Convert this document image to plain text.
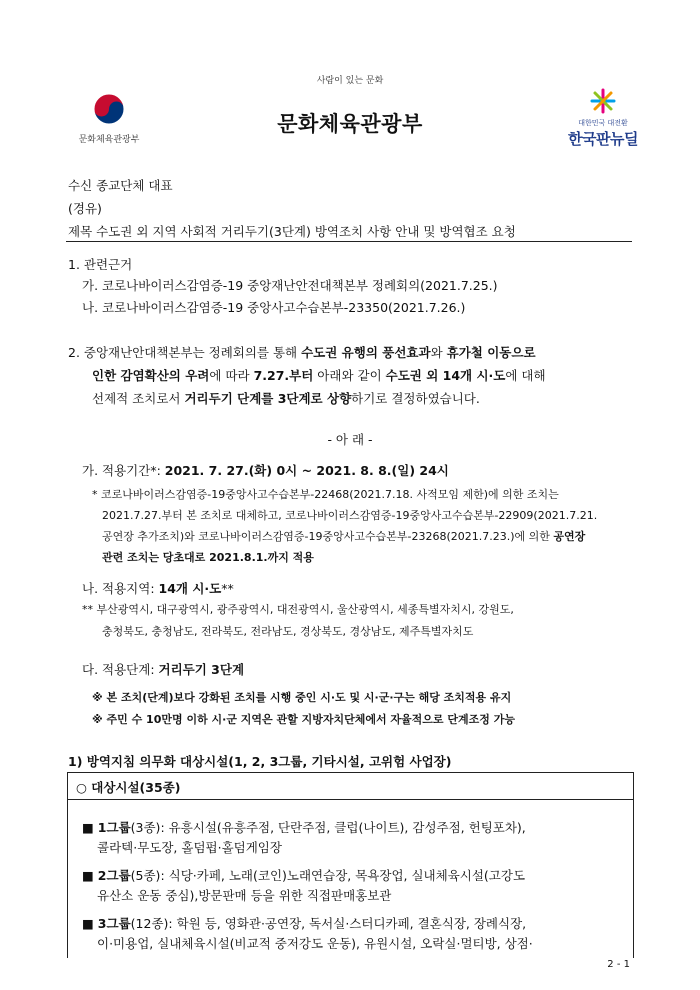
사람이 있는 문화
문화체육관광부
문화체육관광부	대한민국 대전환
한국판뉴딜
수신 종교단체 대표
(경유)
제목 수도권 외 지역 사회적 거리두기(3단계) 방역조치 사항 안내 및 방역협조 요청
1. 관련근거
가. 코로나바이러스감염증-19 중앙재난안전대책본부 정례회의(2021.7.25.)
나. 코로나바이러스감염증-19 중앙사고수습본부-23350(2021.7.26.)
2. 중앙재난안대책본부는 정례회의를 통해 수도권 유행의 풍선효과와 휴가철 이동으로
인한 감염확산의 우려에 따라 7.27.부터 아래와 같이 수도권 외 14개 시·도에 대해
선제적 조치로서 거리두기 단계를 3단계로 상향하기로 결정하였습니다.
- 아 래 -
가. 적용기간*: 2021. 7. 27.(화) 0시 ~ 2021. 8. 8.(일) 24시
* 코로나바이러스감염증-19중앙사고수습본부-22468(2021.7.18. 사적모임 제한)에 의한 조치는
2021.7.27.부터 본 조치로 대체하고, 코로나바이러스감염증-19중앙사고수습본부-22909(2021.7.21.
공연장 추가조치)와 코로나바이러스감염증-19중앙사고수습본부-23268(2021.7.23.)에 의한 공연장
관련 조치는 당초대로 2021.8.1.까지 적용
나. 적용지역: 14개 시·도**
** 부산광역시, 대구광역시, 광주광역시, 대전광역시, 울산광역시, 세종특별자치시, 강원도,
충청북도, 충청남도, 전라북도, 전라남도, 경상북도, 경상남도, 제주특별자치도
다. 적용단계: 거리두기 3단계
※ 본 조치(단계)보다 강화된 조치를 시행 중인 시·도 및 시·군·구는 해당 조치적용 유지
※ 주민 수 10만명 이하 시·군 지역은 관할 지방자치단체에서 자율적으로 단계조정 가능
1) 방역지침 의무화 대상시설(1, 2, 3그룹, 기타시설, 고위험 사업장)
○ 대상시설(35종)
■ 1그룹(3종): 유흥시설(유흥주점, 단란주점, 클럽(나이트), 감성주점, 헌팅포차),
콜라텍·무도장, 홀덤펍·홀덤게임장
■ 2그룹(5종): 식당·카페, 노래(코인)노래연습장, 목욕장업, 실내체육시설(고강도
유산소 운동 중심),방문판매 등을 위한 직접판매홍보관
■ 3그룹(12종): 학원 등, 영화관·공연장, 독서실·스터디카페, 결혼식장, 장례식장,
이·미용업, 실내체육시설(비교적 중저강도 운동), 유원시설, 오락실·멀티방, 상점·
2 - 1
